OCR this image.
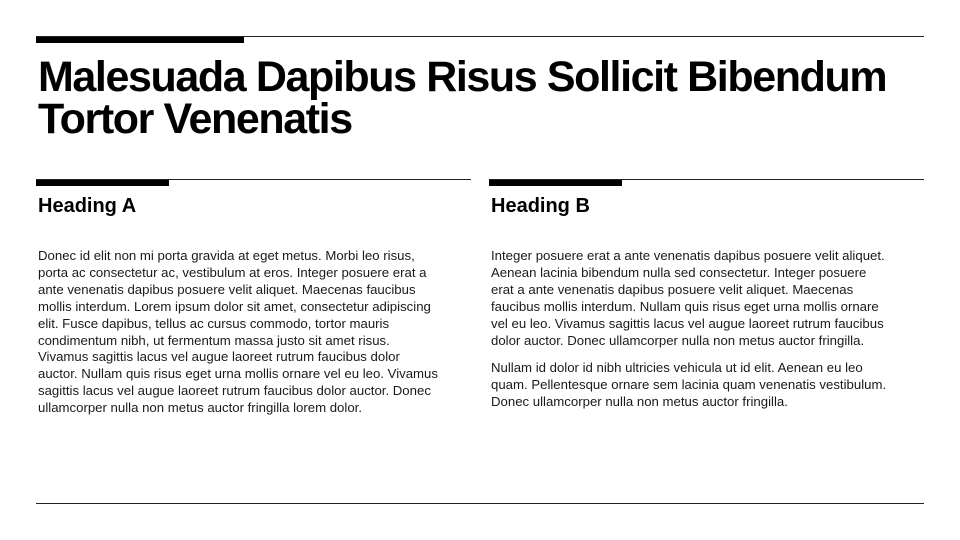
Malesuada Dapibus Risus Sollicit Bibendum Tortor Venenatis
Heading A	Heading B

Donec id elit non mi porta gravida at eget metus. Morbi leo risus, porta ac consectetur ac, vestibulum at eros. Integer posuere erat a ante venenatis dapibus posuere velit aliquet. Maecenas faucibus mollis interdum. Lorem ipsum dolor sit amet, consectetur adipiscing elit. Fusce dapibus, tellus ac cursus commodo, tortor mauris condimentum nibh, ut fermentum massa justo sit amet risus. Vivamus sagittis lacus vel augue laoreet rutrum faucibus dolor auctor. Nullam quis risus eget urna mollis ornare vel eu leo. Vivamus sagittis lacus vel augue laoreet rutrum faucibus dolor auctor. Donec ullamcorper nulla non metus auctor fringilla lorem dolor.

Integer posuere erat a ante venenatis dapibus posuere velit aliquet. Aenean lacinia bibendum nulla sed consectetur. Integer posuere erat a ante venenatis dapibus posuere velit aliquet. Maecenas faucibus mollis interdum. Nullam quis risus eget urna mollis ornare vel eu leo. Vivamus sagittis lacus vel augue laoreet rutrum faucibus dolor auctor. Donec ullamcorper nulla non metus auctor fringilla.

Nullam id dolor id nibh ultricies vehicula ut id elit. Aenean eu leo quam. Pellentesque ornare sem lacinia quam venenatis vestibulum. Donec ullamcorper nulla non metus auctor fringilla.
